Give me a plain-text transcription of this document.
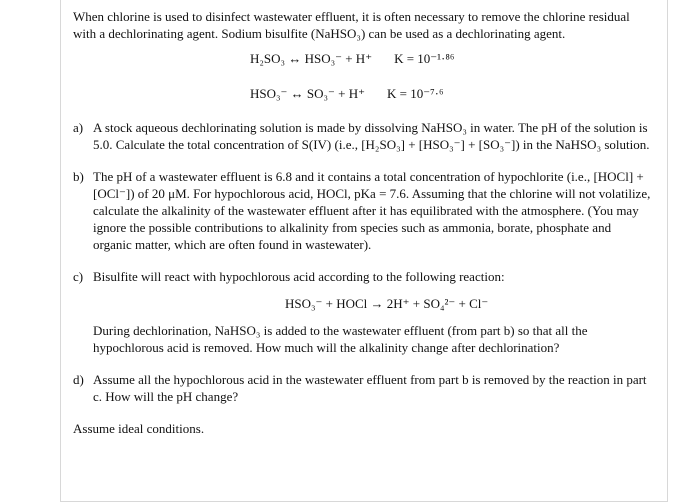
When chlorine is used to disinfect wastewater effluent, it is often necessary to remove the chlorine residual with a dechlorinating agent. Sodium bisulfite (NaHSO₃) can be used as a dechlorinating agent.

H₂SO₃ ↔ HSO₃⁻ + H⁺ K = 10⁻¹·⁸⁶

HSO₃⁻ ↔ SO₃⁻ + H⁺ K = 10⁻⁷·⁶

a) A stock aqueous dechlorinating solution is made by dissolving NaHSO₃ in water. The pH of the solution is 5.0. Calculate the total concentration of S(IV) (i.e., [H₂SO₃] + [HSO₃⁻] + [SO₃⁻]) in the NaHSO₃ solution.

b) The pH of a wastewater effluent is 6.8 and it contains a total concentration of hypochlorite (i.e., [HOCl] + [OCl⁻]) of 20 μM. For hypochlorous acid, HOCl, pKa = 7.6. Assuming that the chlorine will not volatilize, calculate the alkalinity of the wastewater effluent after it has equilibrated with the atmosphere. (You may ignore the possible contributions to alkalinity from species such as ammonia, borate, phosphate and organic matter, which are often found in wastewater).

c) Bisulfite will react with hypochlorous acid according to the following reaction:

HSO₃⁻ + HOCl → 2H⁺ + SO₄²⁻ + Cl⁻

During dechlorination, NaHSO₃ is added to the wastewater effluent (from part b) so that all the hypochlorous acid is removed. How much will the alkalinity change after dechlorination?

d) Assume all the hypochlorous acid in the wastewater effluent from part b is removed by the reaction in part c. How will the pH change?

Assume ideal conditions.
